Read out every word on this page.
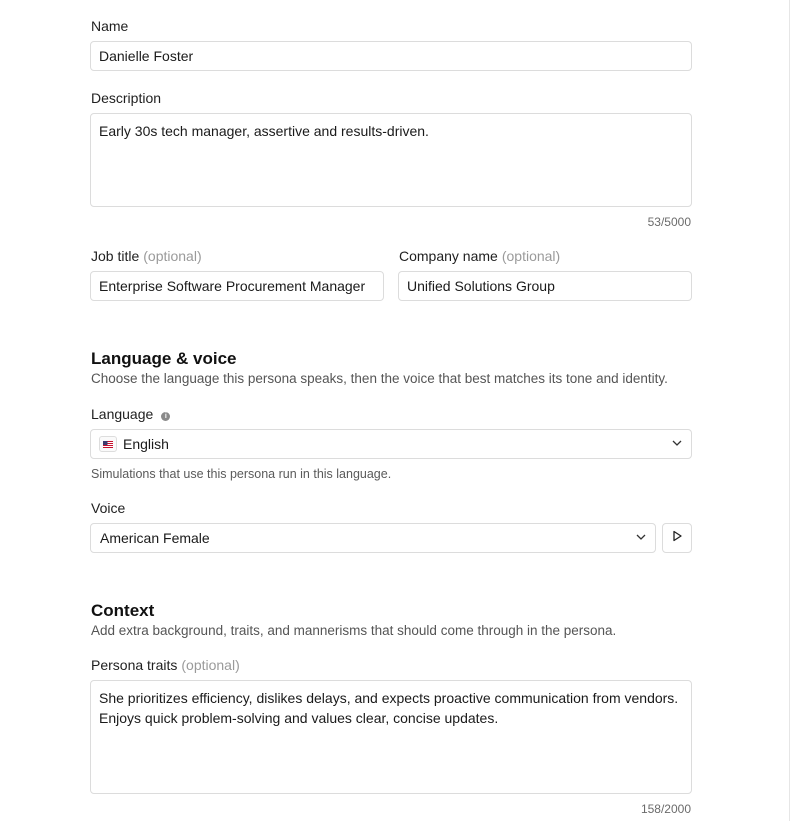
Name
Danielle Foster
Description
Early 30s tech manager, assertive and results-driven.
53/5000
Job title (optional)
Enterprise Software Procurement Manager
Company name (optional)
Unified Solutions Group
Language & voice
Choose the language this persona speaks, then the voice that best matches its tone and identity.
Language i
English
Simulations that use this persona run in this language.
Voice
American Female
Context
Add extra background, traits, and mannerisms that should come through in the persona.
Persona traits (optional)
She prioritizes efficiency, dislikes delays, and expects proactive communication from vendors. Enjoys quick problem-solving and values clear, concise updates.
158/2000
